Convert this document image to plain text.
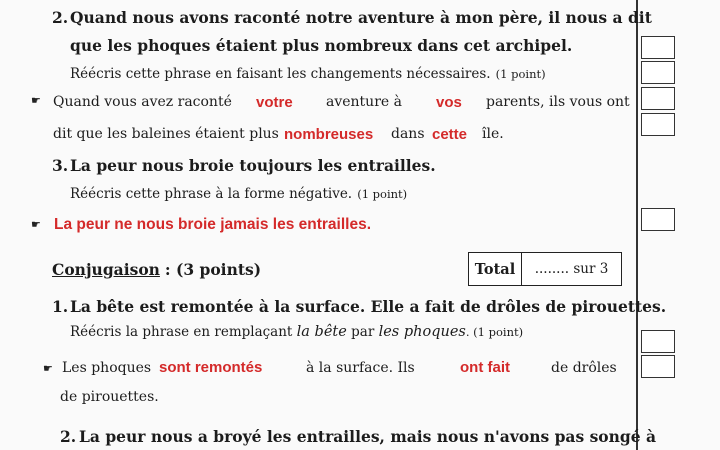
2. Quand nous avons raconté notre aventure à mon père, il nous a dit
que les phoques étaient plus nombreux dans cet archipel.
Réécris cette phrase en faisant les changements nécessaires. (1 point)
☛ Quand vous avez raconté votre aventure à vos parents, ils vous ont
dit que les baleines étaient plus nombreuses dans cette île.
3. La peur nous broie toujours les entrailles.
Réécris cette phrase à la forme négative. (1 point)
☛ La peur ne nous broie jamais les entrailles.
Conjugaison : (3 points)	Total	........ sur 3
1. La bête est remontée à la surface. Elle a fait de drôles de pirouettes.
Réécris la phrase en remplaçant la bête par les phoques. (1 point)
☛ Les phoques sont remontés	à la surface. Ils	ont fait	de drôles
de pirouettes.
2. La peur nous a broyé les entrailles, mais nous n'avons pas songé à
